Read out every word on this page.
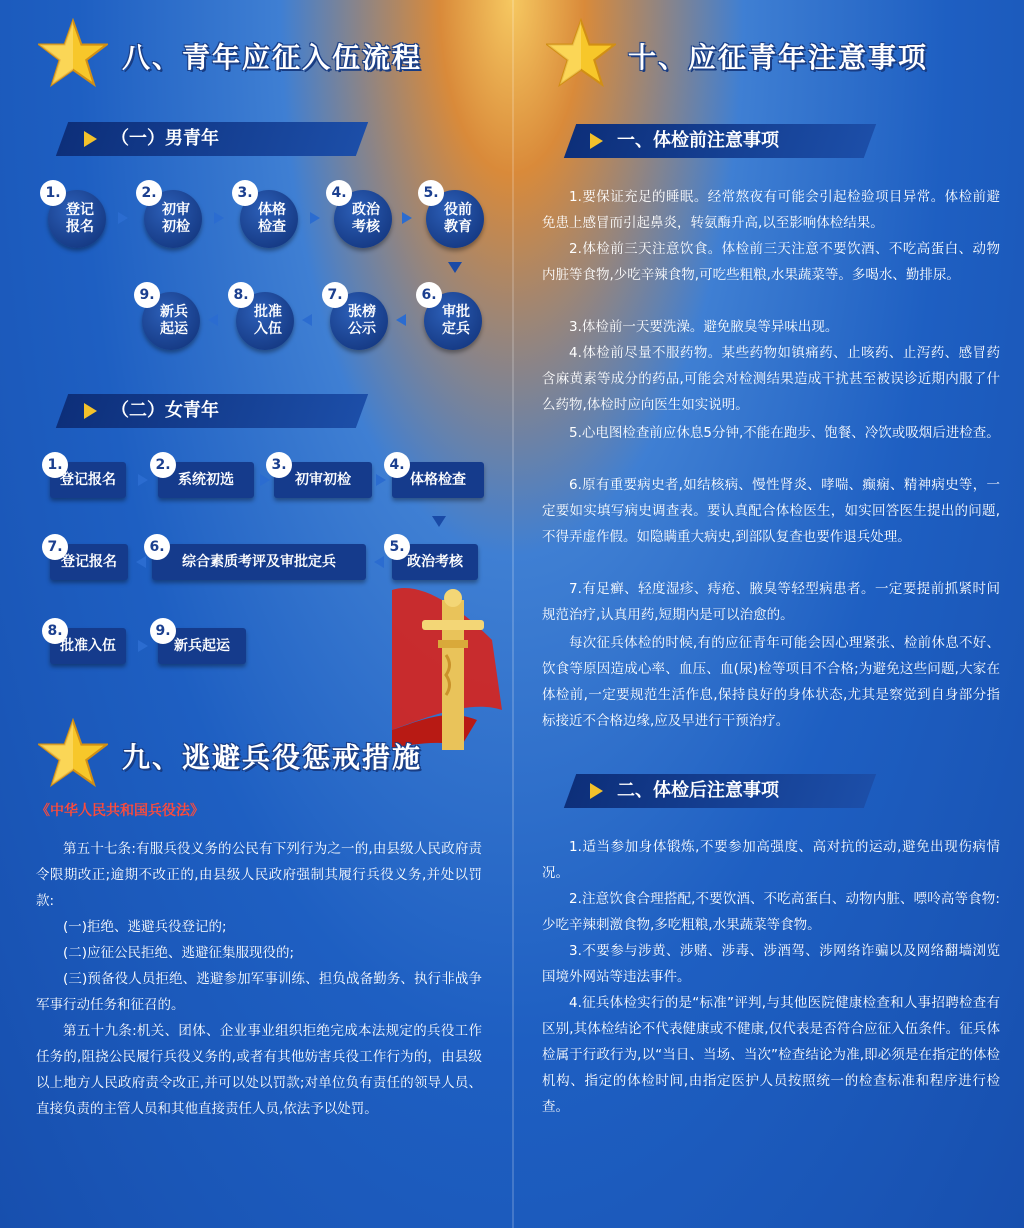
八、青年应征入伍流程
（一）男青年
1.
登记报名
2.
初审初检
3.
体格检查
4.
政治考核
5.
役前教育
9.
新兵起运
8.
批准入伍
7.
张榜公示
6.
审批定兵
（二）女青年
1.
登记报名
2.
系统初选
3.
初审初检
4.
体格检查
7.
登记报名
6.
综合素质考评及审批定兵
5.
政治考核
8.
批准入伍
9.
新兵起运
九、逃避兵役惩戒措施
《中华人民共和国兵役法》

第五十七条:有服兵役义务的公民有下列行为之一的,由县级人民政府责令限期改正;逾期不改正的,由县级人民政府强制其履行兵役义务,并处以罚款:

(一)拒绝、逃避兵役登记的;

(二)应征公民拒绝、逃避征集服现役的;

(三)预备役人员拒绝、逃避参加军事训练、担负战备勤务、执行非战争军事行动任务和征召的。

第五十九条:机关、团体、企业事业组织拒绝完成本法规定的兵役工作任务的,阻挠公民履行兵役义务的,或者有其他妨害兵役工作行为的，由县级以上地方人民政府责令改正,并可以处以罚款;对单位负有责任的领导人员、直接负责的主管人员和其他直接责任人员,依法予以处罚。

十、应征青年注意事项
一、体检前注意事项

1.要保证充足的睡眠。经常熬夜有可能会引起检验项目异常。体检前避免患上感冒而引起鼻炎，转氨酶升高,以至影响体检结果。

2.体检前三天注意饮食。体检前三天注意不要饮酒、不吃高蛋白、动物内脏等食物,少吃辛辣食物,可吃些粗粮,水果蔬菜等。多喝水、勤排尿。

3.体检前一天要洗澡。避免腋臭等异味出现。

4.体检前尽量不服药物。某些药物如镇痛药、止咳药、止泻药、感冒药含麻黄素等成分的药品,可能会对检测结果造成干扰甚至被误诊近期内服了什么药物,体检时应向医生如实说明。

5.心电图检查前应休息5分钟,不能在跑步、饱餐、冷饮或吸烟后进检查。

6.原有重要病史者,如结核病、慢性肾炎、哮喘、癫痫、精神病史等，一定要如实填写病史调查表。要认真配合体检医生，如实回答医生提出的问题,不得弄虚作假。如隐瞒重大病史,到部队复查也要作退兵处理。

7.有足癣、轻度湿疹、痔疮、腋臭等轻型病患者。一定要提前抓紧时间规范治疗,认真用药,短期内是可以治愈的。

每次征兵体检的时候,有的应征青年可能会因心理紧张、检前休息不好、饮食等原因造成心率、血压、血(尿)检等项目不合格;为避免这些问题,大家在体检前,一定要规范生活作息,保持良好的身体状态,尤其是察觉到自身部分指标接近不合格边缘,应及早进行干预治疗。

二、体检后注意事项

1.适当参加身体锻炼,不要参加高强度、高对抗的运动,避免出现伤病情况。

2.注意饮食合理搭配,不要饮酒、不吃高蛋白、动物内脏、嘌呤高等食物:少吃辛辣刺激食物,多吃粗粮,水果蔬菜等食物。

3.不要参与涉黄、涉赌、涉毒、涉酒驾、涉网络诈骗以及网络翻墙浏览国境外网站等违法事件。

4.征兵体检实行的是“标准”评判,与其他医院健康检查和人事招聘检查有区别,其体检结论不代表健康或不健康,仅代表是否符合应征入伍条件。征兵体检属于行政行为,以“当日、当场、当次”检查结论为准,即必须是在指定的体检机构、指定的体检时间,由指定医护人员按照统一的检查标准和程序进行检查。
